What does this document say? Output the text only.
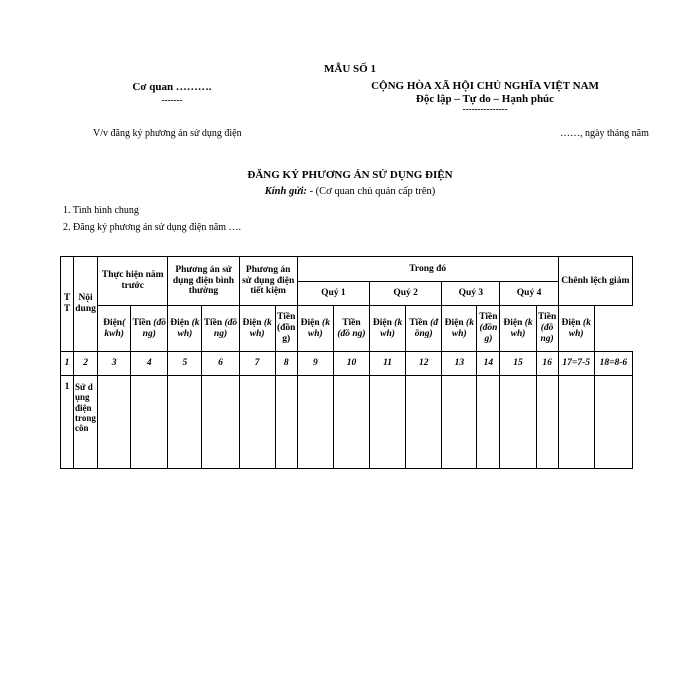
MẪU SỐ 1
Cơ quan ……….
-------
CỘNG HÒA XÃ HỘI CHỦ NGHĨA VIỆT NAM
Độc lập – Tự do – Hạnh phúc
---------------
V/v đăng ký phương án sử dụng điện	……, ngày tháng năm
ĐĂNG KÝ PHƯƠNG ÁN SỬ DỤNG ĐIỆN
Kính gửi: - (Cơ quan chủ quản cấp trên)
1. Tình hình chung
2. Đăng ký phương án sử dụng điện năm ….
TT	Nội dung	Thực hiện năm trước		Phương án sử dụng điện bình thường		Phương án sử dụng điện tiết kiệm		Trong đó								Chênh lệch giảm	
								Quý 1		Quý 2		Quý 3		Quý 4			
		Điện( kwh)	Tiền (đồ ng)	Điện (k wh)	Tiền (đồ ng)	Điện (k wh)	Tiền (đồng)	Điện (k wh)	Tiền (đồ ng)	Điện (k wh)	Tiền (đồng)	Điện (k wh)	Tiền (đồng)	Điện (k wh)	Tiền (đồ ng)	Điện (k wh)	
1	2	3	4	5	6	7	8	9	10	11	12	13	14	15	16	17=7-5	18=8-6
1	Sử dụng điện trong côn																
